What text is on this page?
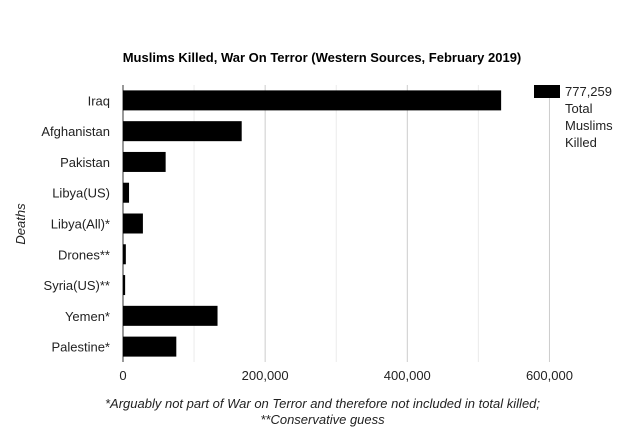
Muslims Killed, War On Terror (Western Sources, February 2019)
Iraq
Afghanistan
Pakistan
Libya(US)
Libya(All)*
Drones**
Syria(US)**
Yemen*
Palestine*
0	200,000	400,000	600,000
Deaths
777,259 Total Muslims Killed
*Arguably not part of War on Terror and therefore not included in total killed; **Conservative guess
